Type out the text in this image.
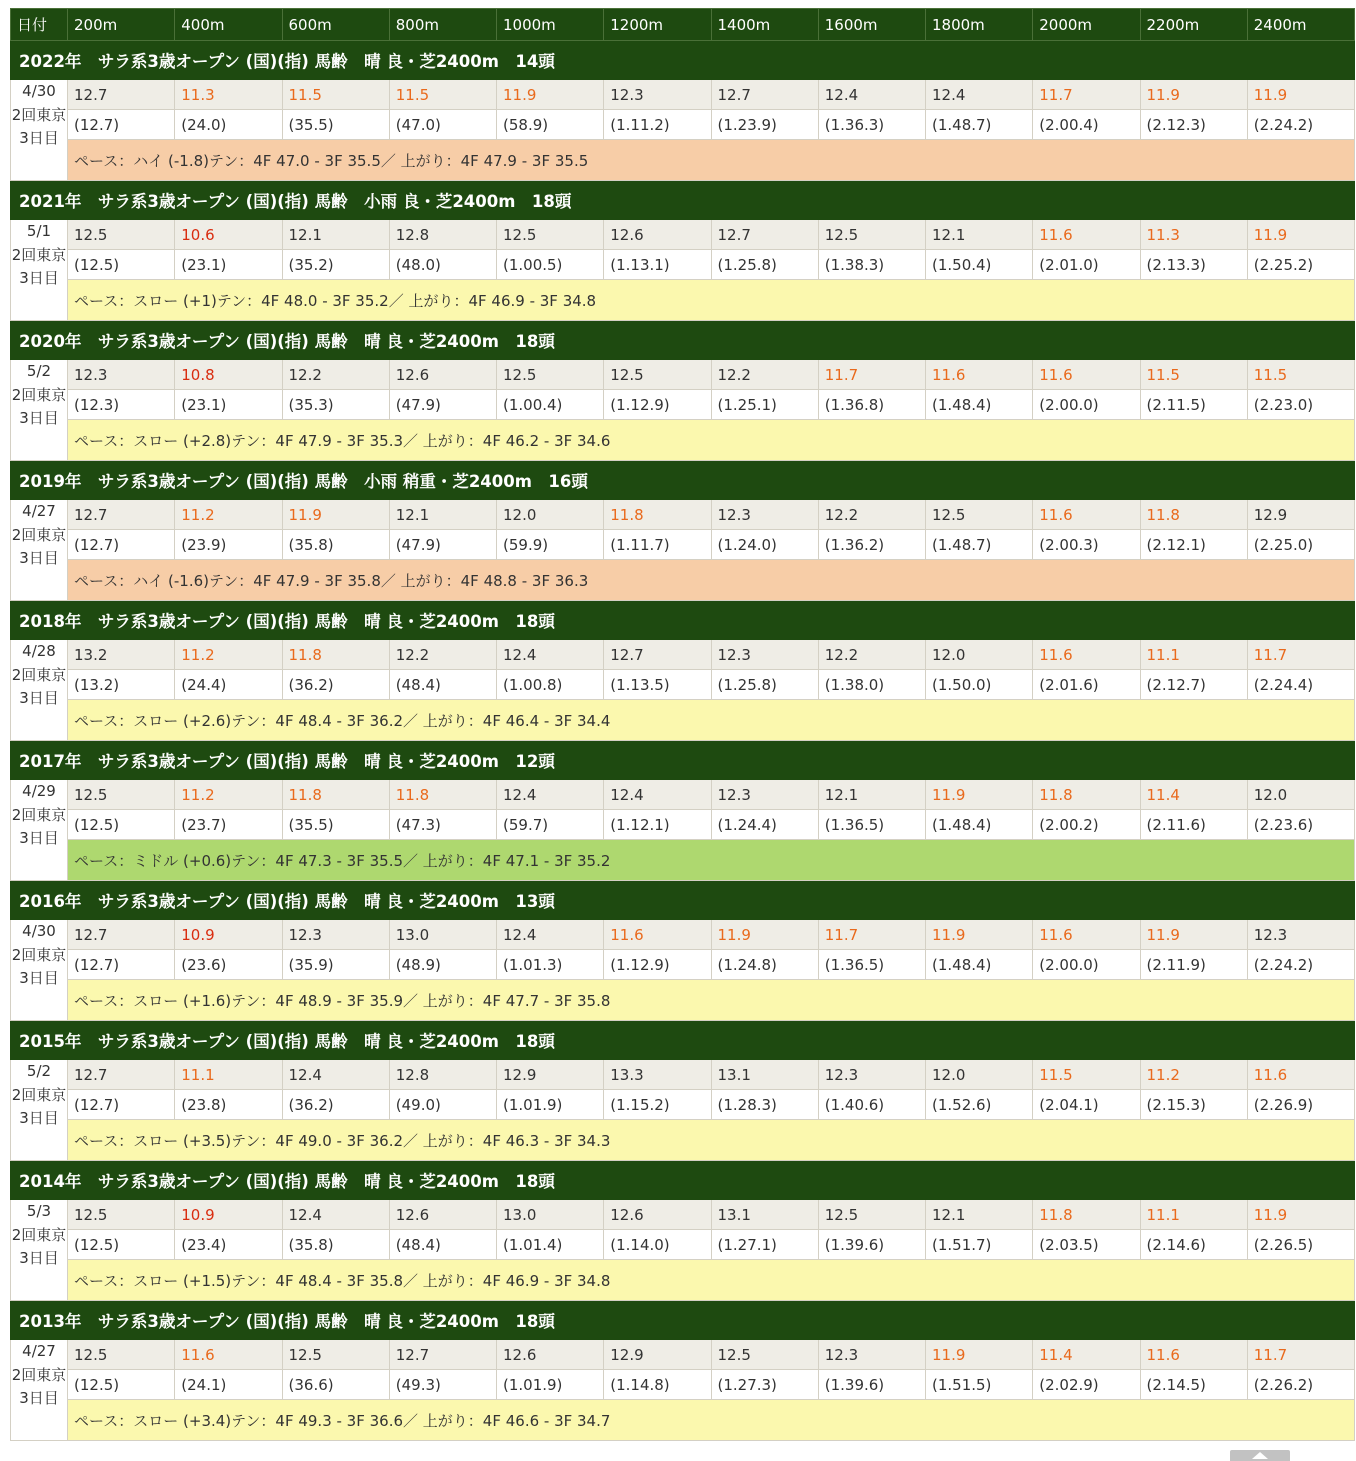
日付	200m	400m	600m	800m	1000m	1200m	1400m	1600m	1800m	2000m	2200m	2400m
2022年　サラ系3歳オープン (国)(指) 馬齢　晴 良・芝2400m　14頭												

4/30
2回東京
3日目	12.7	11.3	11.5	11.5	11.9	12.3	12.7	12.4	12.4	11.7	11.9	11.9
	(12.7)	(24.0)	(35.5)	(47.0)	(58.9)	(1.11.2)	(1.23.9)	(1.36.3)	(1.48.7)	(2.00.4)	(2.12.3)	(2.24.2)
	ペース：ハイ (-1.8)テン：4F 47.0 - 3F 35.5／ 上がり：4F 47.9 - 3F 35.5											
2021年　サラ系3歳オープン (国)(指) 馬齢　小雨 良・芝2400m　18頭												

5/1
2回東京
3日目	12.5	10.6	12.1	12.8	12.5	12.6	12.7	12.5	12.1	11.6	11.3	11.9
	(12.5)	(23.1)	(35.2)	(48.0)	(1.00.5)	(1.13.1)	(1.25.8)	(1.38.3)	(1.50.4)	(2.01.0)	(2.13.3)	(2.25.2)
	ペース：スロー (+1)テン：4F 48.0 - 3F 35.2／ 上がり：4F 46.9 - 3F 34.8											
2020年　サラ系3歳オープン (国)(指) 馬齢　晴 良・芝2400m　18頭												

5/2
2回東京
3日目	12.3	10.8	12.2	12.6	12.5	12.5	12.2	11.7	11.6	11.6	11.5	11.5
	(12.3)	(23.1)	(35.3)	(47.9)	(1.00.4)	(1.12.9)	(1.25.1)	(1.36.8)	(1.48.4)	(2.00.0)	(2.11.5)	(2.23.0)
	ペース：スロー (+2.8)テン：4F 47.9 - 3F 35.3／ 上がり：4F 46.2 - 3F 34.6											
2019年　サラ系3歳オープン (国)(指) 馬齢　小雨 稍重・芝2400m　16頭												

4/27
2回東京
3日目	12.7	11.2	11.9	12.1	12.0	11.8	12.3	12.2	12.5	11.6	11.8	12.9
	(12.7)	(23.9)	(35.8)	(47.9)	(59.9)	(1.11.7)	(1.24.0)	(1.36.2)	(1.48.7)	(2.00.3)	(2.12.1)	(2.25.0)
	ペース：ハイ (-1.6)テン：4F 47.9 - 3F 35.8／ 上がり：4F 48.8 - 3F 36.3											
2018年　サラ系3歳オープン (国)(指) 馬齢　晴 良・芝2400m　18頭												

4/28
2回東京
3日目	13.2	11.2	11.8	12.2	12.4	12.7	12.3	12.2	12.0	11.6	11.1	11.7
	(13.2)	(24.4)	(36.2)	(48.4)	(1.00.8)	(1.13.5)	(1.25.8)	(1.38.0)	(1.50.0)	(2.01.6)	(2.12.7)	(2.24.4)
	ペース：スロー (+2.6)テン：4F 48.4 - 3F 36.2／ 上がり：4F 46.4 - 3F 34.4											
2017年　サラ系3歳オープン (国)(指) 馬齢　晴 良・芝2400m　12頭												

4/29
2回東京
3日目	12.5	11.2	11.8	11.8	12.4	12.4	12.3	12.1	11.9	11.8	11.4	12.0
	(12.5)	(23.7)	(35.5)	(47.3)	(59.7)	(1.12.1)	(1.24.4)	(1.36.5)	(1.48.4)	(2.00.2)	(2.11.6)	(2.23.6)
	ペース：ミドル (+0.6)テン：4F 47.3 - 3F 35.5／ 上がり：4F 47.1 - 3F 35.2											
2016年　サラ系3歳オープン (国)(指) 馬齢　晴 良・芝2400m　13頭												

4/30
2回東京
3日目	12.7	10.9	12.3	13.0	12.4	11.6	11.9	11.7	11.9	11.6	11.9	12.3
	(12.7)	(23.6)	(35.9)	(48.9)	(1.01.3)	(1.12.9)	(1.24.8)	(1.36.5)	(1.48.4)	(2.00.0)	(2.11.9)	(2.24.2)
	ペース：スロー (+1.6)テン：4F 48.9 - 3F 35.9／ 上がり：4F 47.7 - 3F 35.8											
2015年　サラ系3歳オープン (国)(指) 馬齢　晴 良・芝2400m　18頭												

5/2
2回東京
3日目	12.7	11.1	12.4	12.8	12.9	13.3	13.1	12.3	12.0	11.5	11.2	11.6
	(12.7)	(23.8)	(36.2)	(49.0)	(1.01.9)	(1.15.2)	(1.28.3)	(1.40.6)	(1.52.6)	(2.04.1)	(2.15.3)	(2.26.9)
	ペース：スロー (+3.5)テン：4F 49.0 - 3F 36.2／ 上がり：4F 46.3 - 3F 34.3											
2014年　サラ系3歳オープン (国)(指) 馬齢　晴 良・芝2400m　18頭												

5/3
2回東京
3日目	12.5	10.9	12.4	12.6	13.0	12.6	13.1	12.5	12.1	11.8	11.1	11.9
	(12.5)	(23.4)	(35.8)	(48.4)	(1.01.4)	(1.14.0)	(1.27.1)	(1.39.6)	(1.51.7)	(2.03.5)	(2.14.6)	(2.26.5)
	ペース：スロー (+1.5)テン：4F 48.4 - 3F 35.8／ 上がり：4F 46.9 - 3F 34.8											
2013年　サラ系3歳オープン (国)(指) 馬齢　晴 良・芝2400m　18頭												

4/27
2回東京
3日目	12.5	11.6	12.5	12.7	12.6	12.9	12.5	12.3	11.9	11.4	11.6	11.7
	(12.5)	(24.1)	(36.6)	(49.3)	(1.01.9)	(1.14.8)	(1.27.3)	(1.39.6)	(1.51.5)	(2.02.9)	(2.14.5)	(2.26.2)
	ペース：スロー (+3.4)テン：4F 49.3 - 3F 36.6／ 上がり：4F 46.6 - 3F 34.7											
